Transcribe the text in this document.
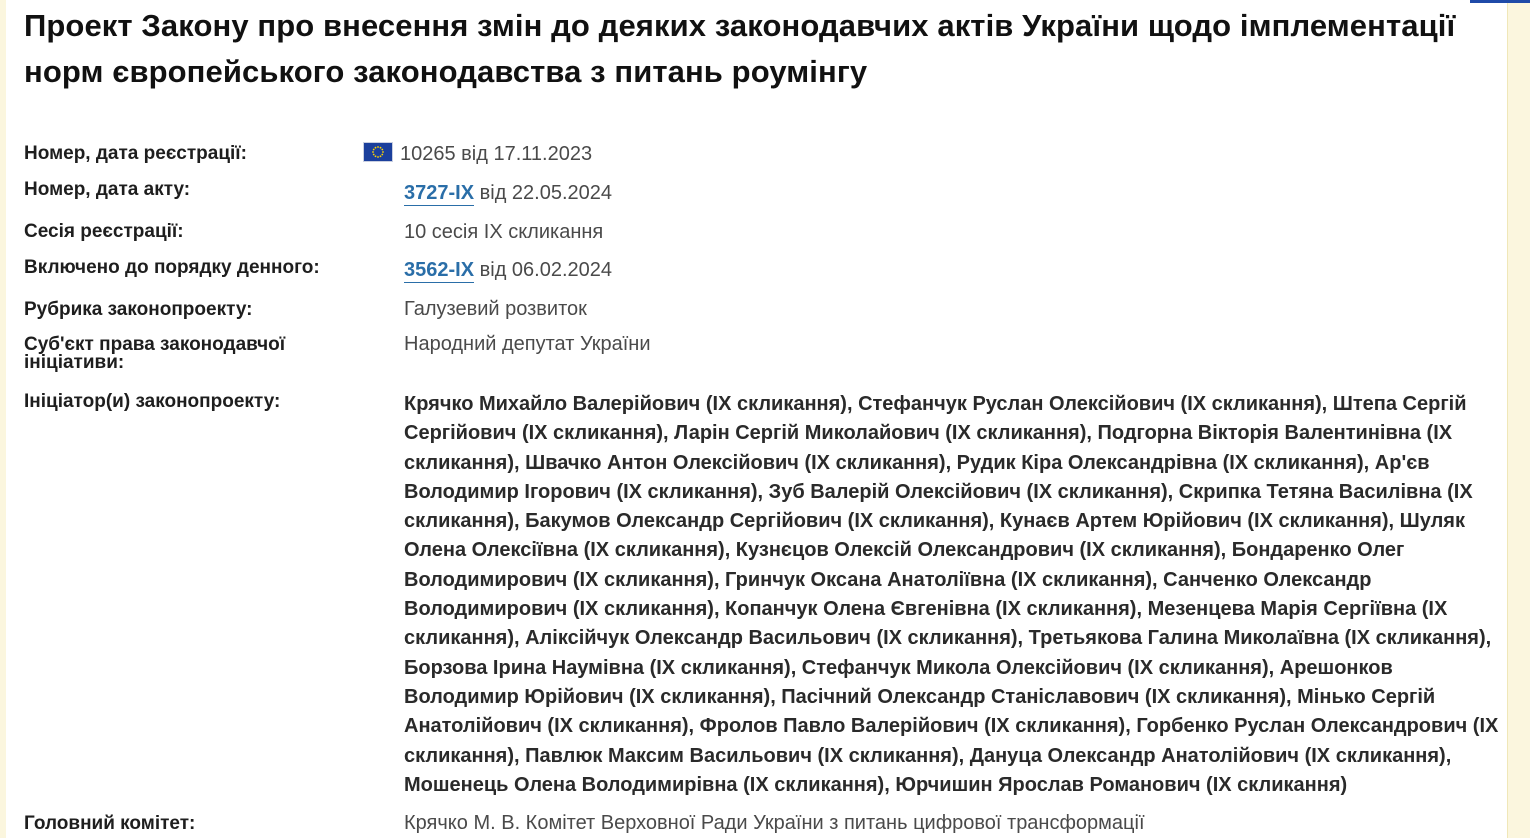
Проект Закону про внесення змін до деяких законодавчих актів України щодо імплементації норм європейського законодавства з питань роумінгу
Номер, дата реєстрації:	10265 від 17.11.2023
Номер, дата акту:	3727-IX від 22.05.2024
Сесія реєстрації:	10 сесія IX скликання
Включено до порядку денного:	3562-IX від 06.02.2024
Рубрика законопроекту:	Галузевий розвиток
Суб'єкт права законодавчої ініціативи:
Народний депутат України
Ініціатор(и) законопроекту:	Крячко Михайло Валерійович (IX скликання), Стефанчук Руслан Олексійович (IX скликання), Штепа Сергій Сергійович (IX скликання), Ларін Сергій Миколайович (IX скликання), Подгорна Вікторія Валентинівна (IX скликання), Швачко Антон Олексійович (IX скликання), Рудик Кіра Олександрівна (IX скликання), Ар'єв Володимир Ігорович (IX скликання), Зуб Валерій Олексійович (IX скликання), Скрипка Тетяна Василівна (IX скликання), Бакумов Олександр Сергійович (IX скликання), Кунаєв Артем Юрійович (IX скликання), Шуляк Олена Олексіївна (IX скликання), Кузнєцов Олексій Олександрович (IX скликання), Бондаренко Олег Володимирович (IX скликання), Гринчук Оксана Анатоліївна (IX скликання), Санченко Олександр Володимирович (IX скликання), Копанчук Олена Євгенівна (IX скликання), Мезенцева Марія Сергіївна (IX скликання), Аліксійчук Олександр Васильович (IX скликання), Третьякова Галина Миколаївна (IX скликання), Борзова Ірина Наумівна (IX скликання), Стефанчук Микола Олексійович (IX скликання), Арешонков Володимир Юрійович (IX скликання), Пасічний Олександр Станіславович (IX скликання), Мінько Сергій Анатолійович (IX скликання), Фролов Павло Валерійович (IX скликання), Горбенко Руслан Олександрович (IX скликання), Павлюк Максим Васильович (IX скликання), Дануца Олександр Анатолійович (IX скликання), Мошенець Олена Володимирівна (IX скликання), Юрчишин Ярослав Романович (IX скликання)
Головний комітет:	Крячко М. В. Комітет Верховної Ради України з питань цифрової трансформації
